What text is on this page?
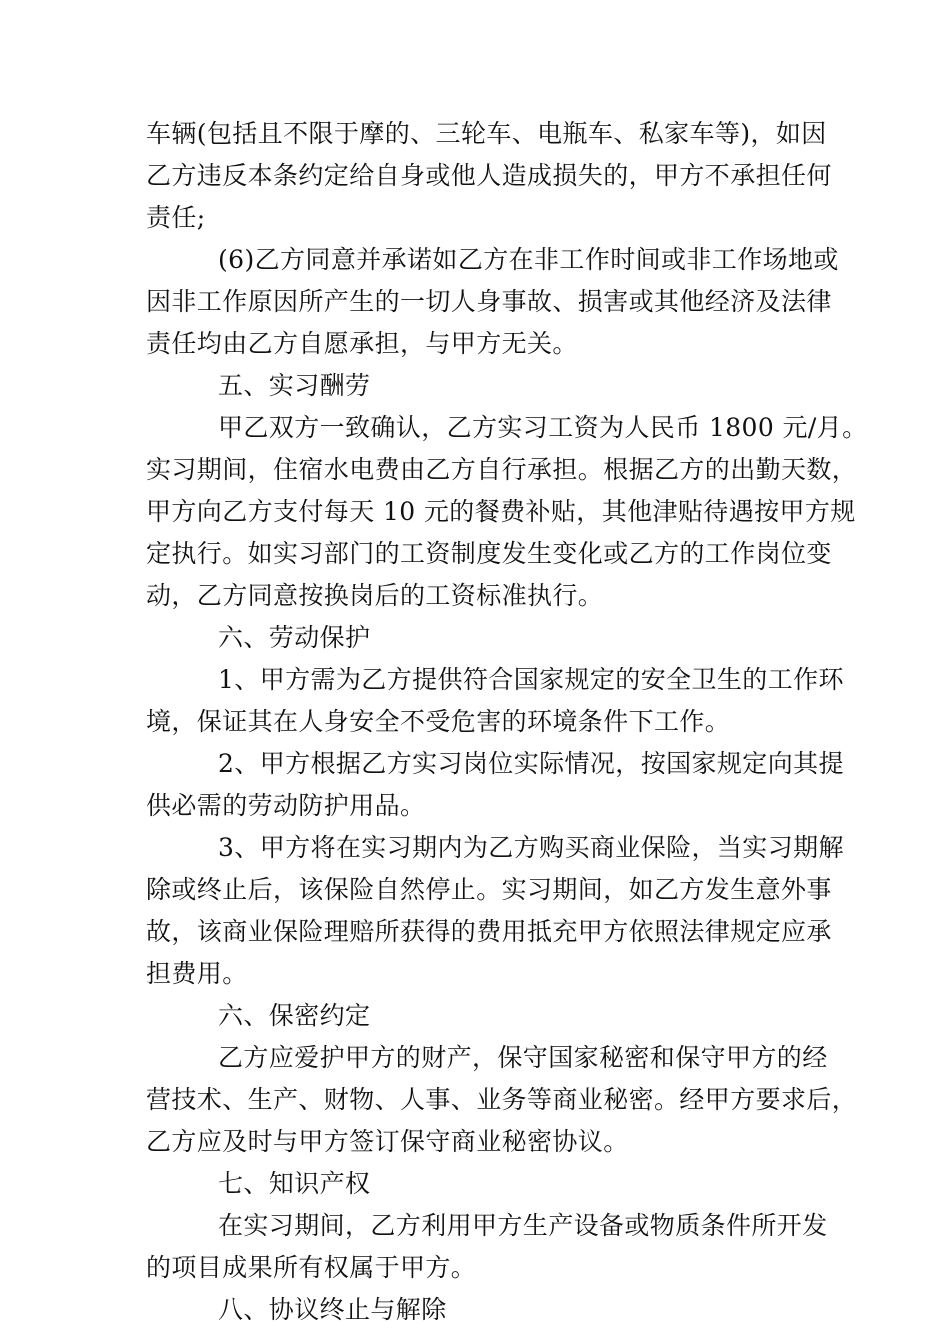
车辆(包括且不限于摩的、三轮车、电瓶车、私家车等)，如因
乙方违反本条约定给自身或他人造成损失的，甲方不承担任何
责任;
(6)乙方同意并承诺如乙方在非工作时间或非工作场地或
因非工作原因所产生的一切人身事故、损害或其他经济及法律
责任均由乙方自愿承担，与甲方无关。
五、实习酬劳
甲乙双方一致确认，乙方实习工资为人民币 1800 元/月。
实习期间，住宿水电费由乙方自行承担。根据乙方的出勤天数，
甲方向乙方支付每天 10 元的餐费补贴，其他津贴待遇按甲方规
定执行。如实习部门的工资制度发生变化或乙方的工作岗位变
动，乙方同意按换岗后的工资标准执行。
六、劳动保护
1、甲方需为乙方提供符合国家规定的安全卫生的工作环
境，保证其在人身安全不受危害的环境条件下工作。
2、甲方根据乙方实习岗位实际情况，按国家规定向其提
供必需的劳动防护用品。
3、甲方将在实习期内为乙方购买商业保险，当实习期解
除或终止后，该保险自然停止。实习期间，如乙方发生意外事
故，该商业保险理赔所获得的费用抵充甲方依照法律规定应承
担费用。
六、保密约定
乙方应爱护甲方的财产，保守国家秘密和保守甲方的经
营技术、生产、财物、人事、业务等商业秘密。经甲方要求后，
乙方应及时与甲方签订保守商业秘密协议。
七、知识产权
在实习期间，乙方利用甲方生产设备或物质条件所开发
的项目成果所有权属于甲方。
八、协议终止与解除
